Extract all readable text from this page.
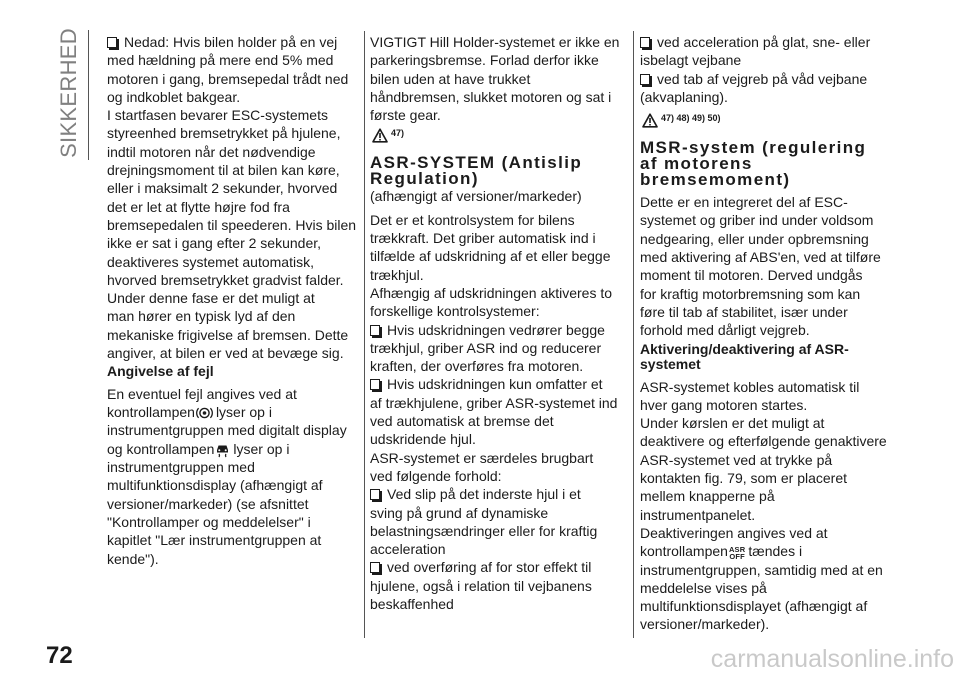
SIKKERHED	Nedad: Hvis bilen holder på en vej
med hældning på mere end 5% med
motoren i gang, bremsepedal trådt ned
og indkoblet bakgear.
I startfasen bevarer ESC-systemets
styreenhed bremsetrykket på hjulene,
indtil motoren når det nødvendige
drejningsmoment til at bilen kan køre,
eller i maksimalt 2 sekunder, hvorved
det er let at flytte højre fod fra
bremsepedalen til speederen. Hvis bilen
ikke er sat i gang efter 2 sekunder,
deaktiveres systemet automatisk,
hvorved bremsetrykket gradvist falder.
Under denne fase er det muligt at
man hører en typisk lyd af den
mekaniske frigivelse af bremsen. Dette
angiver, at bilen er ved at bevæge sig.
Angivelse af fejl
En eventuel fejl angives ved at
kontrollampen lyser op i
instrumentgruppen med digitalt display
og kontrollampen lyser op i
instrumentgruppen med
multifunktionsdisplay (afhængigt af
versioner/markeder) (se afsnittet
"Kontrollamper og meddelelser" i
kapitlet "Lær instrumentgruppen at
kende").
VIGTIGT Hill Holder-systemet er ikke en
parkeringsbremse. Forlad derfor ikke
bilen uden at have trukket
håndbremsen, slukket motoren og sat i
første gear.
47)
ASR-SYSTEM (Antislip
Regulation)
(afhængigt af versioner/markeder)
Det er et kontrolsystem for bilens
trækkraft. Det griber automatisk ind i
tilfælde af udskridning af et eller begge
trækhjul.
Afhængig af udskridningen aktiveres to
forskellige kontrolsystemer:
Hvis udskridningen vedrører begge
trækhjul, griber ASR ind og reducerer
kraften, der overføres fra motoren.
Hvis udskridningen kun omfatter et
af trækhjulene, griber ASR-systemet ind
ved automatisk at bremse det
udskridende hjul.
ASR-systemet er særdeles brugbart
ved følgende forhold:
Ved slip på det inderste hjul i et
sving på grund af dynamiske
belastningsændringer eller for kraftig
acceleration
ved overføring af for stor effekt til
hjulene, også i relation til vejbanens
beskaffenhed
ved acceleration på glat, sne- eller
isbelagt vejbane
ved tab af vejgreb på våd vejbane
(akvaplaning).
47) 48) 49) 50)
MSR-system (regulering
af motorens
bremsemoment)
Dette er en integreret del af ESC-
systemet og griber ind under voldsom
nedgearing, eller under opbremsning
med aktivering af ABS'en, ved at tilføre
moment til motoren. Derved undgås
for kraftig motorbremsning som kan
føre til tab af stabilitet, især under
forhold med dårligt vejgreb.
Aktivering/deaktivering af ASR-
systemet
ASR-systemet kobles automatisk til
hver gang motoren startes.
Under kørslen er det muligt at
deaktivere og efterfølgende genaktivere
ASR-systemet ved at trykke på
kontakten fig. 79, som er placeret
mellem knapperne på
instrumentpanelet.
Deaktiveringen angives ved at
kontrollampen ASR
OFF tændes i
instrumentgruppen, samtidig med at en
meddelelse vises på
multifunktionsdisplayet (afhængigt af
versioner/markeder).
72	carmanualsonline.info
